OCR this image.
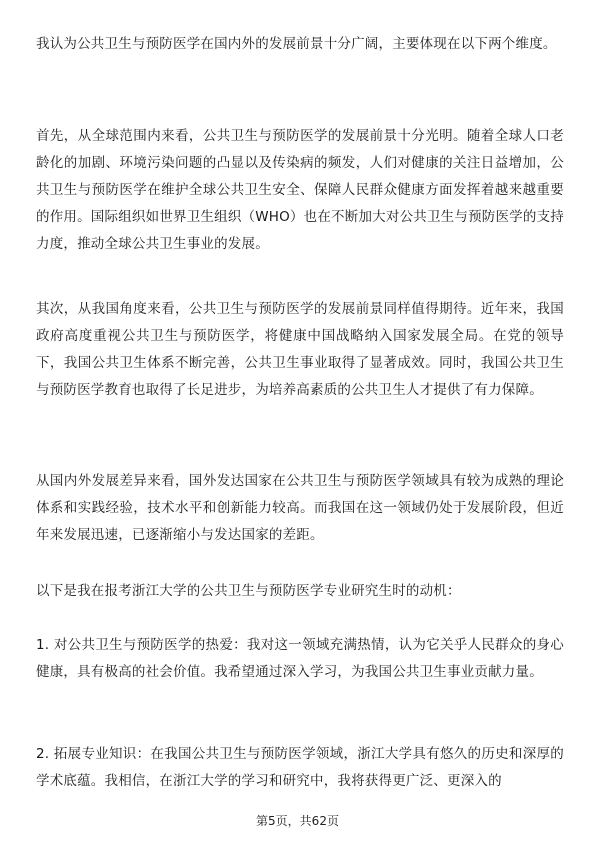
我认为公共卫生与预防医学在国内外的发展前景十分广阔，主要体现在以下两个维度。

首先，从全球范围内来看，公共卫生与预防医学的发展前景十分光明。随着全球人口老龄化的加剧、环境污染问题的凸显以及传染病的频发，人们对健康的关注日益增加，公共卫生与预防医学在维护全球公共卫生安全、保障人民群众健康方面发挥着越来越重要的作用。国际组织如世界卫生组织（WHO）也在不断加大对公共卫生与预防医学的支持力度，推动全球公共卫生事业的发展。

其次，从我国角度来看，公共卫生与预防医学的发展前景同样值得期待。近年来，我国政府高度重视公共卫生与预防医学，将健康中国战略纳入国家发展全局。在党的领导下，我国公共卫生体系不断完善，公共卫生事业取得了显著成效。同时，我国公共卫生与预防医学教育也取得了长足进步，为培养高素质的公共卫生人才提供了有力保障。

从国内外发展差异来看，国外发达国家在公共卫生与预防医学领域具有较为成熟的理论体系和实践经验，技术水平和创新能力较高。而我国在这一领域仍处于发展阶段，但近年来发展迅速，已逐渐缩小与发达国家的差距。

以下是我在报考浙江大学的公共卫生与预防医学专业研究生时的动机：

1. 对公共卫生与预防医学的热爱：我对这一领域充满热情，认为它关乎人民群众的身心健康，具有极高的社会价值。我希望通过深入学习，为我国公共卫生事业贡献力量。

2. 拓展专业知识：在我国公共卫生与预防医学领域，浙江大学具有悠久的历史和深厚的学术底蕴。我相信，在浙江大学的学习和研究中，我将获得更广泛、更深入的

第5页，共62页
